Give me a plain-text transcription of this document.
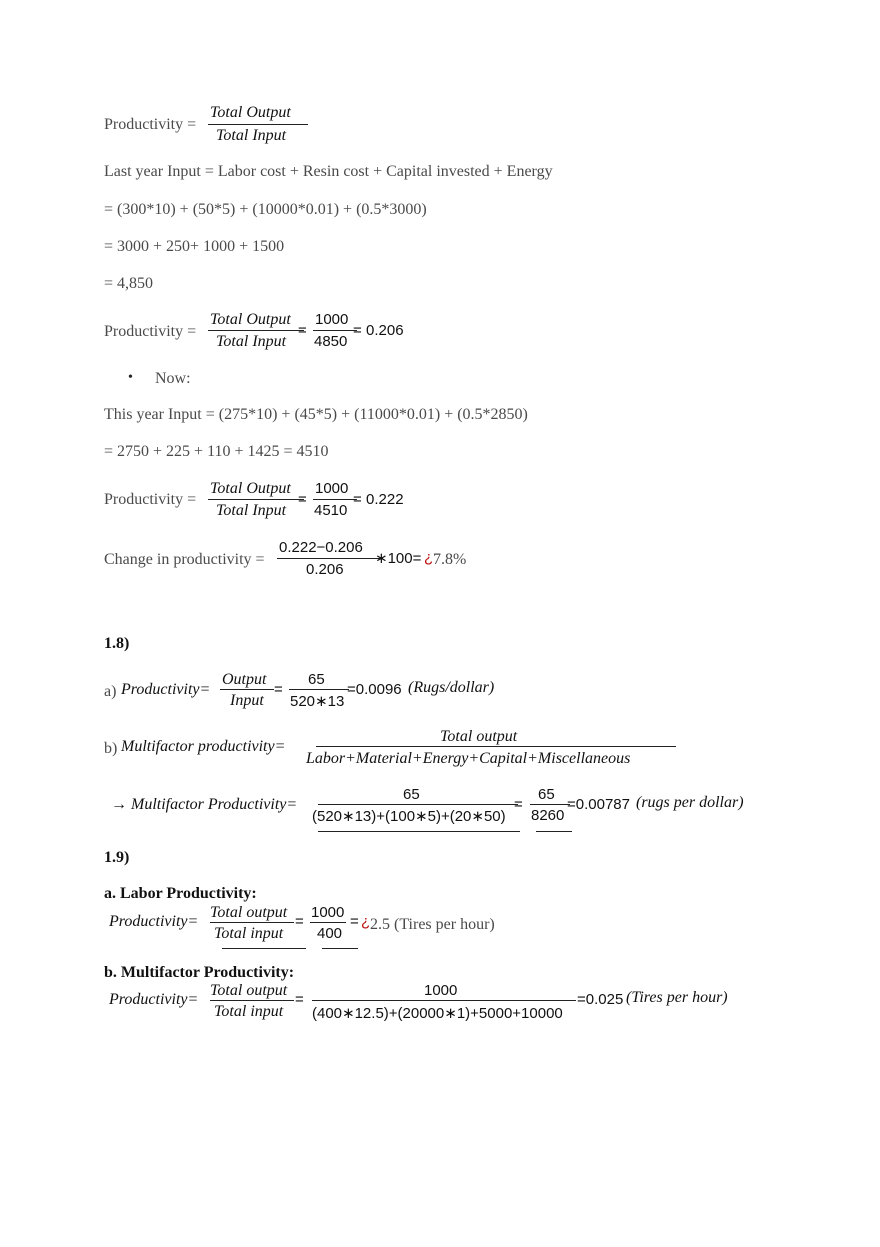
Productivity =
Total Output
Total Input
Last year Input = Labor cost + Resin cost + Capital invested + Energy
= (300*10) + (50*5) + (10000*0.01) + (0.5*3000)
= 3000 + 250+ 1000 + 1500
= 4,850
Productivity =
Total Output
Total Input
=
1000
4850
= 0.206
• Now:
This year Input = (275*10) + (45*5) + (11000*0.01) + (0.5*2850)
= 2750 + 225 + 110 + 1425 = 4510
Productivity =
Total Output
Total Input
=
1000
4510
= 0.222
Change in productivity =
0.222−0.206
0.206
∗100= ¿ 7.8%
1.8)
a) Productivity=
Output
Input
=
65
520∗13
=0.0096 (Rugs/dollar)
b) Multifactor productivity=
Total output
Labor+Material+Energy+Capital+Miscellaneous
→ Multifactor Productivity=
65
(520∗13)+(100∗5)+(20∗50)
=
65
8260
=0.00787 (rugs per dollar)
1.9)
a. Labor Productivity:
Productivity=
Total output
Total input
=
1000
400
= ¿ 2.5 (Tires per hour)
b. Multifactor Productivity:
Productivity=
Total output
Total input
=
1000
(400∗12.5)+(20000∗1)+5000+10000
=0.025 (Tires per hour)
